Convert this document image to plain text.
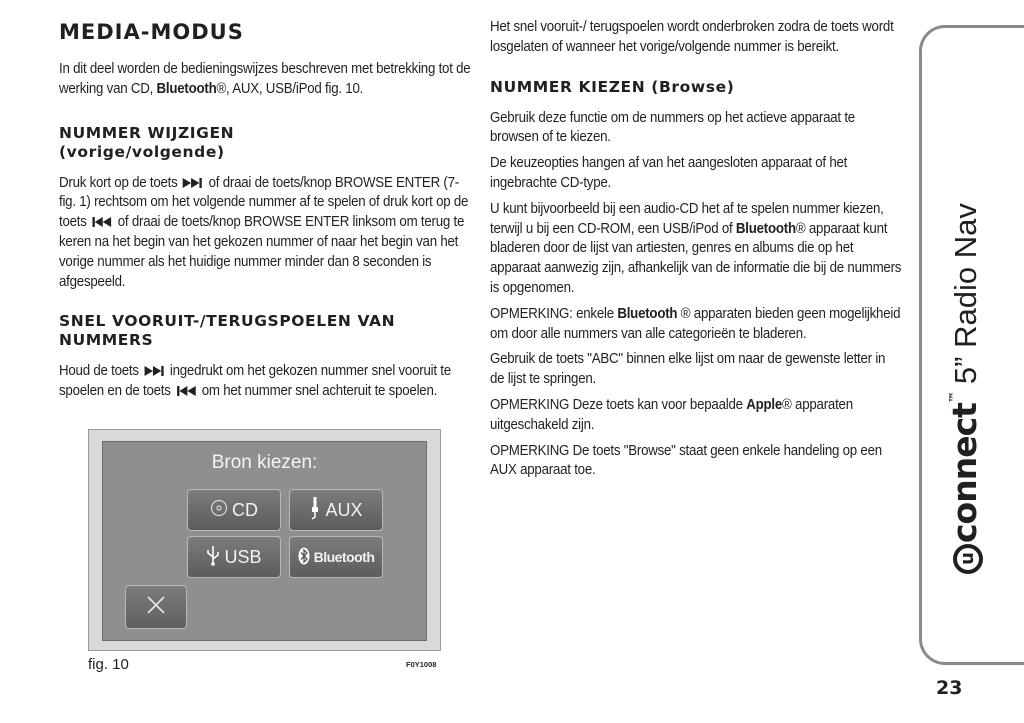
MEDIA-MODUS

In dit deel worden de bedieningswijzes beschreven met betrekking tot de werking van CD, Bluetooth®, AUX, USB/iPod fig. 10.

NUMMER WIJZIGEN
(vorige/volgende)

Druk kort op de toets
of draai de toets/knop BROWSE ENTER (7-fig. 1) rechtsom om het volgende nummer af te spelen of druk kort op de toets
of draai de toets/knop BROWSE ENTER linksom om terug te keren na het begin van het gekozen nummer of naar het begin van het vorige nummer als het huidige nummer minder dan 8 seconden is afgespeeld.

SNEL VOORUIT-/TERUGSPOELEN VAN
NUMMERS

Houd de toets
ingedrukt om het gekozen nummer snel vooruit te spoelen en de toets
om het nummer snel achteruit te spoelen.

Bron kiezen:
CD	AUX
USB	Bluetooth
fig. 10	F0Y1008

Het snel vooruit-/ terugspoelen wordt onderbroken zodra de toets wordt losgelaten of wanneer het vorige/volgende nummer is bereikt.

NUMMER KIEZEN (Browse)

Gebruik deze functie om de nummers op het actieve apparaat te browsen of te kiezen.

De keuzeopties hangen af van het aangesloten apparaat of het ingebrachte CD-type.

U kunt bijvoorbeeld bij een audio-CD het af te spelen nummer kiezen, terwijl u bij een CD-ROM, een USB/iPod of Bluetooth® apparaat kunt bladeren door de lijst van artiesten, genres en albums die op het apparaat aanwezig zijn, afhankelijk van de informatie die bij de nummers is opgenomen.

OPMERKING: enkele Bluetooth ® apparaten bieden geen mogelijkheid om door alle nummers van alle categorieën te bladeren.

Gebruik de toets "ABC" binnen elke lijst om naar de gewenste letter in de lijst te springen.

OPMERKING Deze toets kan voor bepaalde Apple® apparaten uitgeschakeld zijn.

OPMERKING De toets "Browse" staat geen enkele handeling op een AUX apparaat toe.

uconnect™
5” Radio Nav
23
